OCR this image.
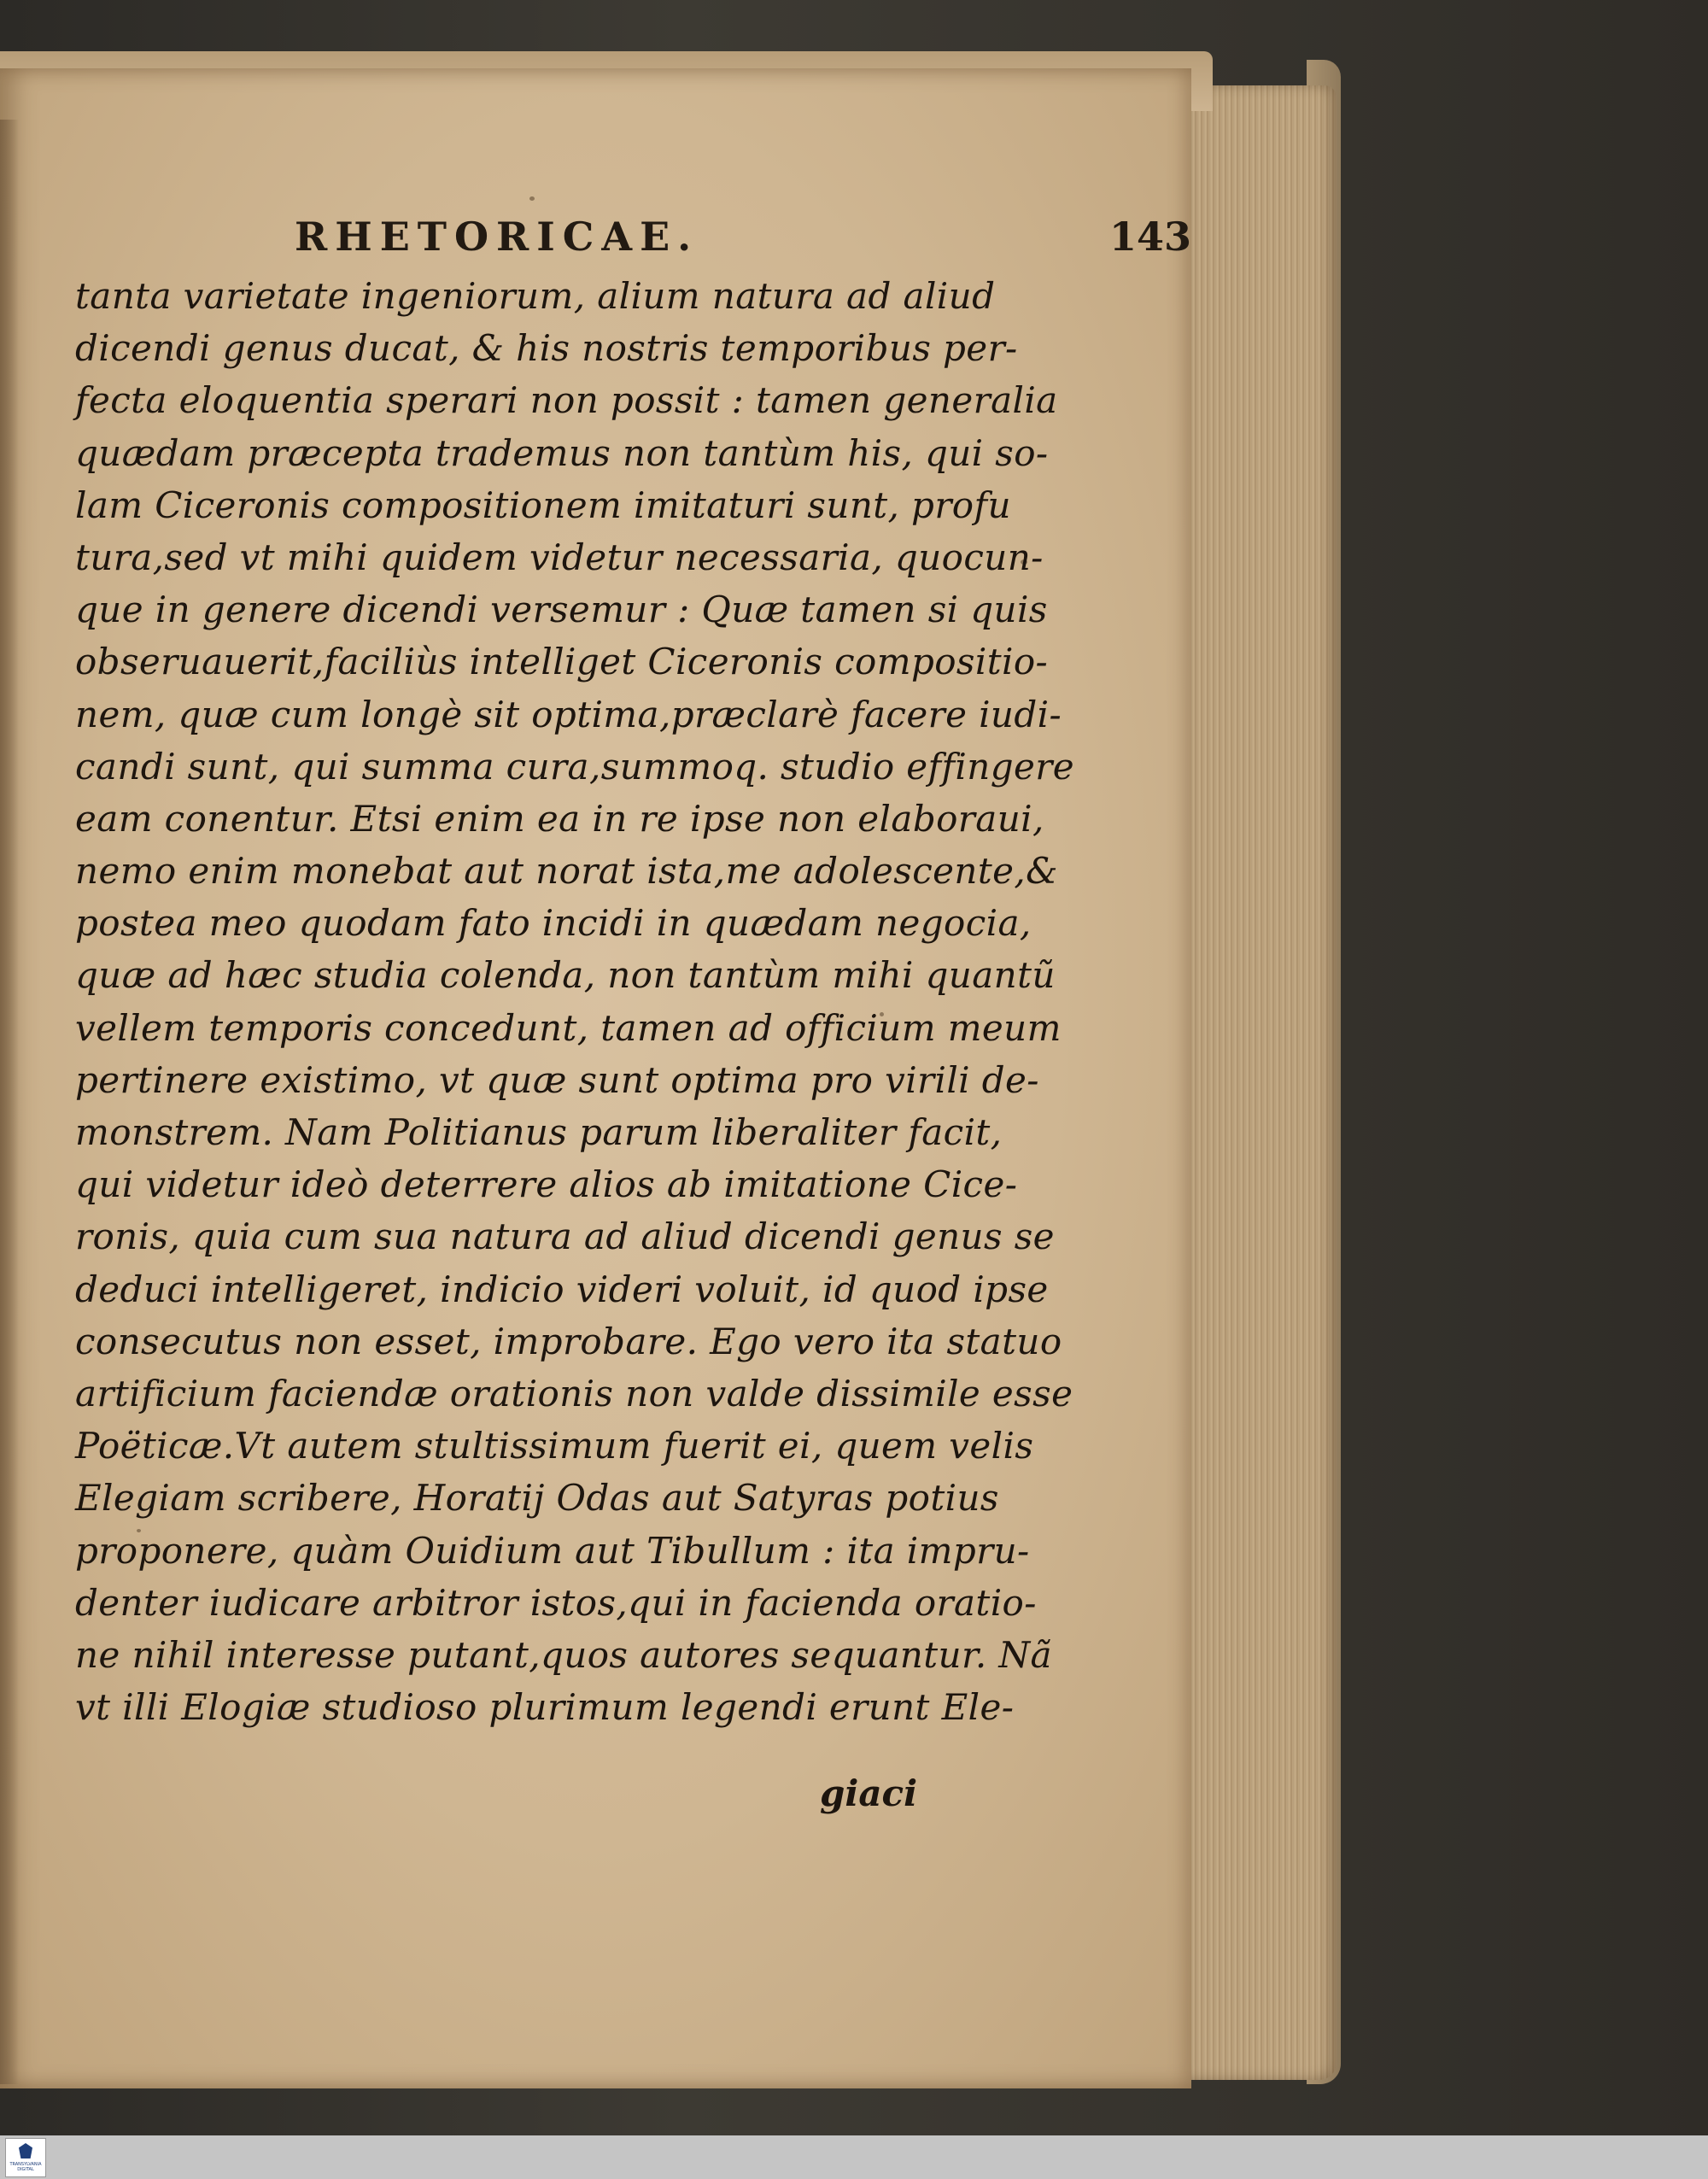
RHETORICAE.	143
tanta varietate ingeniorum, alium natura ad aliud
dicendi genus ducat, & his nostris temporibus per-
fecta eloquentia sperari non possit : tamen generalia
quædam præcepta trademus non tantùm his, qui so-
lam Ciceronis compositionem imitaturi sunt, profu
tura,sed vt mihi quidem videtur necessaria, quocun-
que in genere dicendi versemur : Quæ tamen si quis
obseruauerit,faciliùs intelliget Ciceronis compositio-
nem, quæ cum longè sit optima,præclarè facere iudi-
candi sunt, qui summa cura,summoq. studio effingere
eam conentur. Etsi enim ea in re ipse non elaboraui,
nemo enim monebat aut norat ista,me adolescente,&
postea meo quodam fato incidi in quædam negocia,
quæ ad hæc studia colenda, non tantùm mihi quantũ
vellem temporis concedunt, tamen ad officium meum
pertinere existimo, vt quæ sunt optima pro virili de-
monstrem. Nam Politianus parum liberaliter facit,
qui videtur ideò deterrere alios ab imitatione Cice-
ronis, quia cum sua natura ad aliud dicendi genus se
deduci intelligeret, indicio videri voluit, id quod ipse
consecutus non esset, improbare. Ego vero ita statuo
artificium faciendæ orationis non valde dissimile esse
Poëticæ.Vt autem stultissimum fuerit ei, quem velis
Elegiam scribere, Horatij Odas aut Satyras potius
proponere, quàm Ouidium aut Tibullum : ita impru-
denter iudicare arbitror istos,qui in facienda oratio-
ne nihil interesse putant,quos autores sequantur. Nã
vt illi Elogiæ studioso plurimum legendi erunt Ele-
giaci
TRANSYLVANIA DIGITAL
